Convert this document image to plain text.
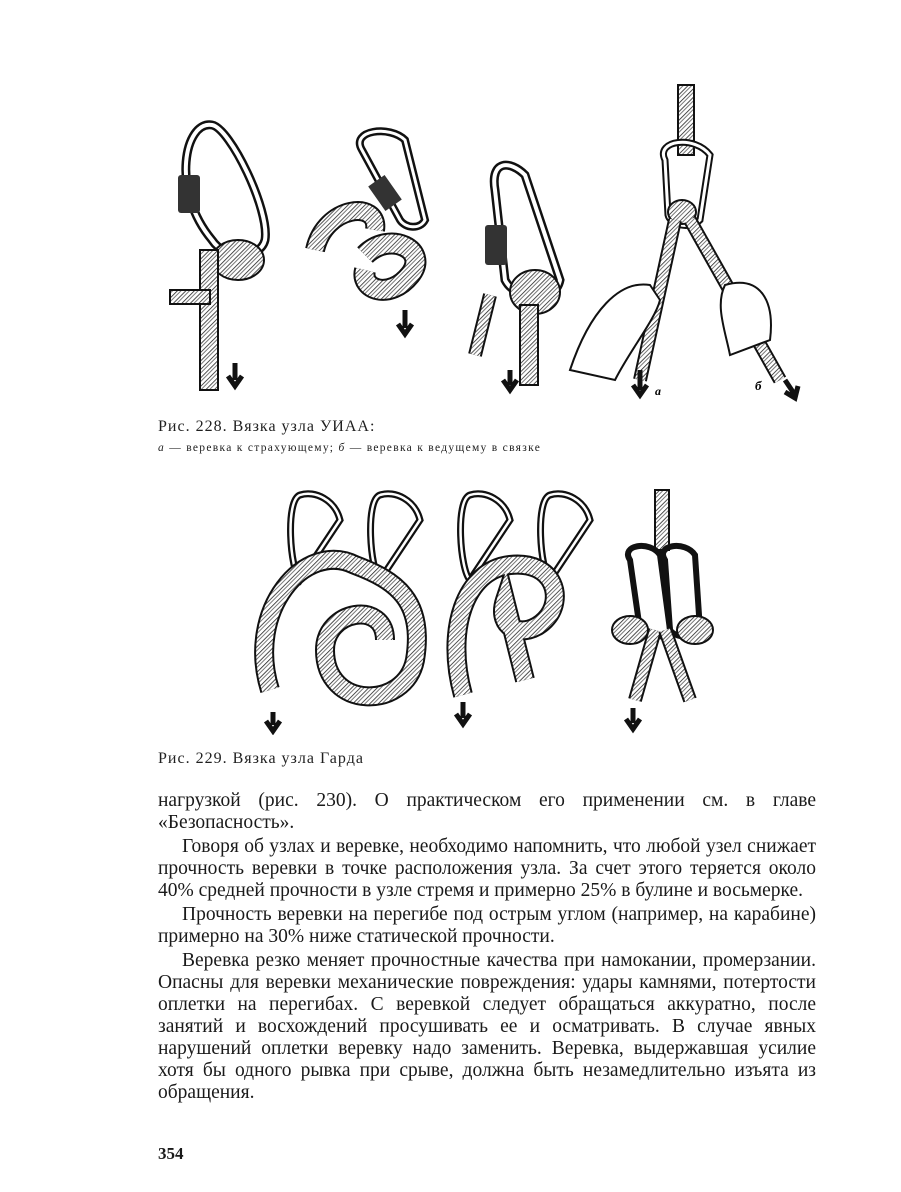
а	б
Рис. 228. Вязка узла УИАА:
а — веревка к страхующему; б — веревка к ведущему в связке
Рис. 229. Вязка узла Гарда

нагрузкой (рис. 230). О практическом его применении см. в главе «Безопасность».

Говоря об узлах и веревке, необходимо напомнить, что любой узел снижает прочность веревки в точке расположения узла. За счет этого теряется около 40% средней прочности в узле стремя и примерно 25% в булине и восьмерке.

Прочность веревки на перегибе под острым углом (например, на карабине) примерно на 30% ниже статической прочности.

Веревка резко меняет прочностные качества при намокании, промерзании. Опасны для веревки механические повреждения: удары камнями, потертости оплетки на перегибах. С веревкой следует обращаться аккуратно, после занятий и восхождений просушивать ее и осматривать. В случае явных нарушений оплетки веревку надо заменить. Веревка, выдержавшая усилие хотя бы одного рывка при срыве, должна быть незамедлительно изъята из обращения.

354
